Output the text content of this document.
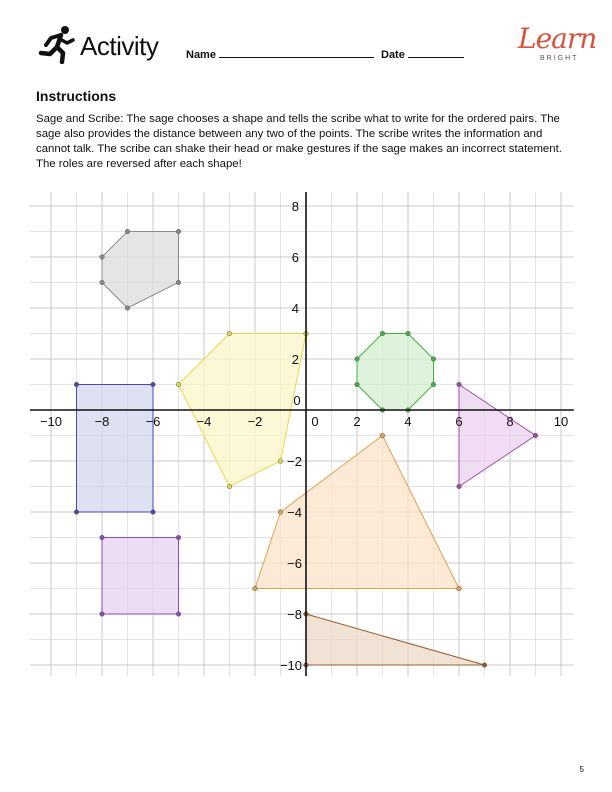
Activity	Name	Date	Learn
BRIGHT
Instructions
Sage and Scribe: The sage chooses a shape and tells the scribe what to write for the ordered pairs. The sage also provides the distance between any two of the points. The scribe writes the information and cannot talk. The scribe can shake their head or make gestures if the sage makes an incorrect statement. The roles are reversed after each shape!
−10	−8	−6	−4	−2	0	2	4	6	8	10
0
8
6
4
2
−2
−4
−6
−8
−10
5
